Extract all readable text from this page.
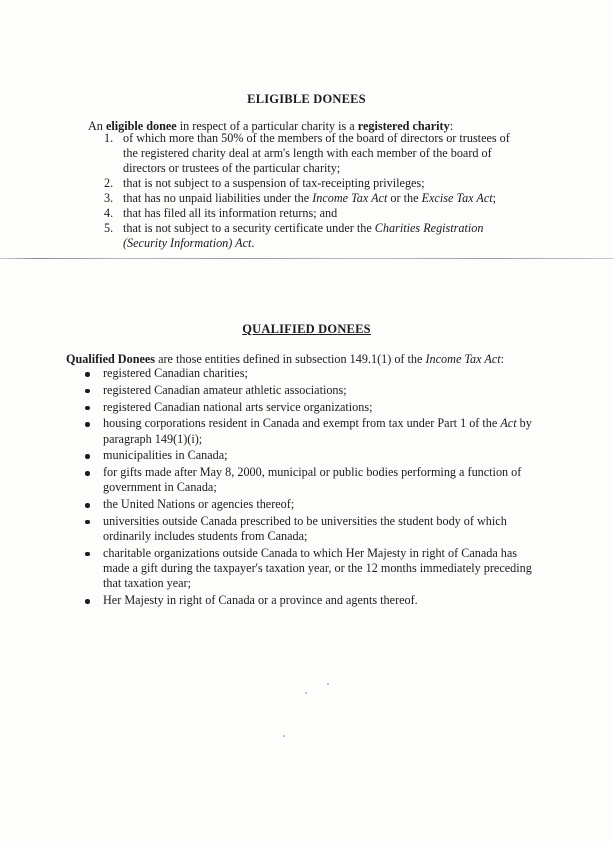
ELIGIBLE DONEES
An eligible donee in respect of a particular charity is a registered charity:
1. of which more than 50% of the members of the board of directors or trustees of
the registered charity deal at arm's length with each member of the board of
directors or trustees of the particular charity;
2. that is not subject to a suspension of tax-receipting privileges;
3. that has no unpaid liabilities under the Income Tax Act or the Excise Tax Act;
4. that has filed all its information returns; and
5. that is not subject to a security certificate under the Charities Registration
(Security Information) Act.
QUALIFIED DONEES
Qualified Donees are those entities defined in subsection 149.1(1) of the Income Tax Act:
registered Canadian charities;
registered Canadian amateur athletic associations;
registered Canadian national arts service organizations;
housing corporations resident in Canada and exempt from tax under Part 1 of the Act by
paragraph 149(1)(i);
municipalities in Canada;
for gifts made after May 8, 2000, municipal or public bodies performing a function of
government in Canada;
the United Nations or agencies thereof;
universities outside Canada prescribed to be universities the student body of which
ordinarily includes students from Canada;
charitable organizations outside Canada to which Her Majesty in right of Canada has
made a gift during the taxpayer's taxation year, or the 12 months immediately preceding
that taxation year;
Her Majesty in right of Canada or a province and agents thereof.
